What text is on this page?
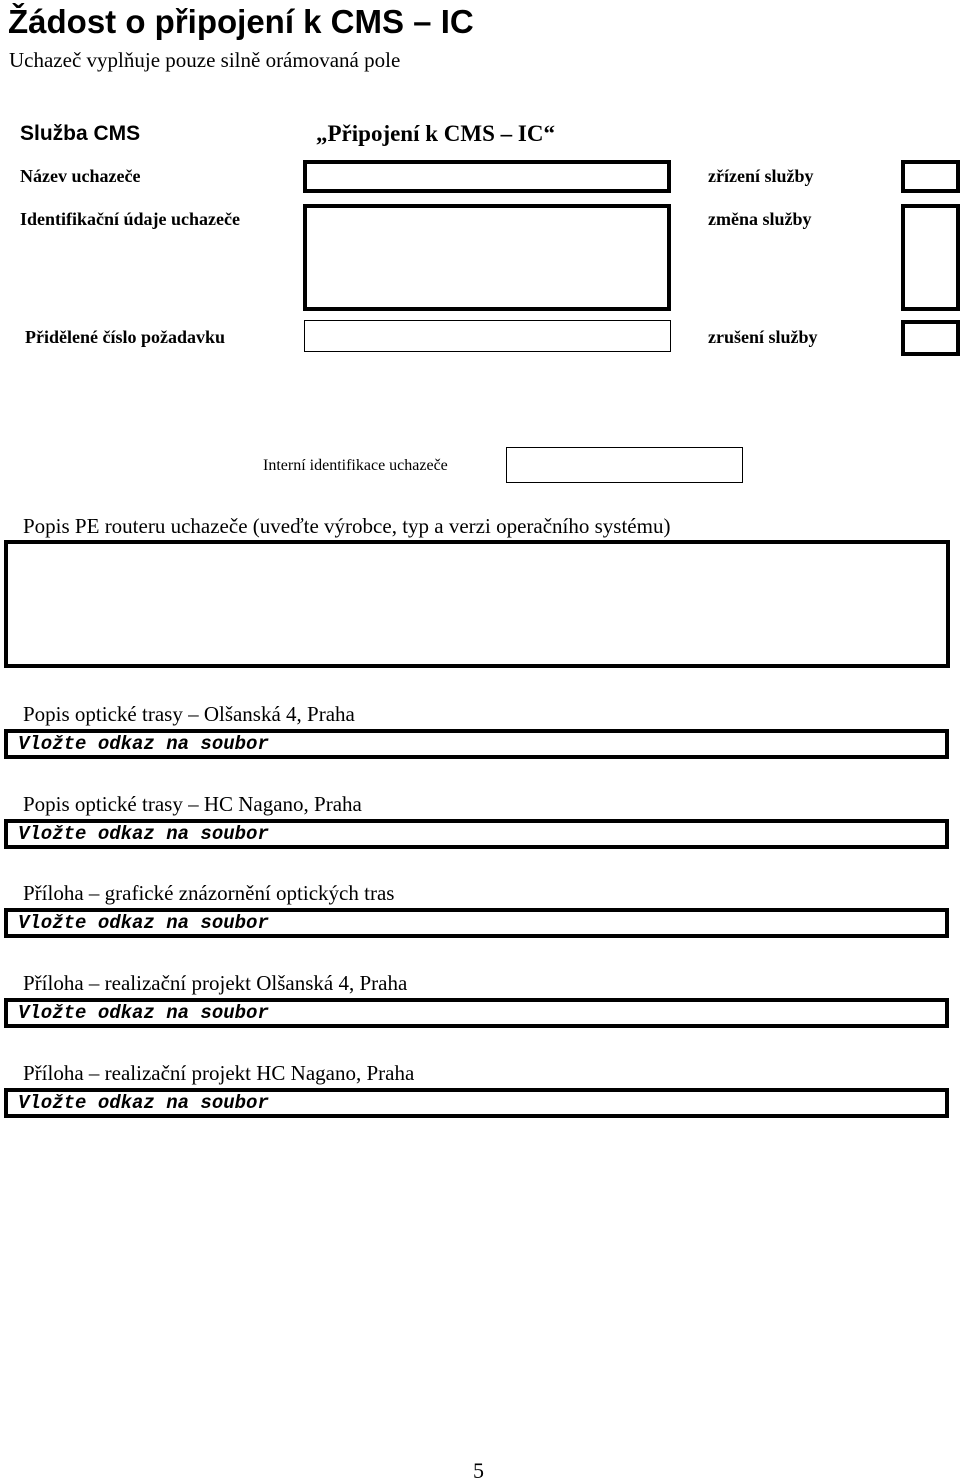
Žádost o připojení k CMS – IC
Uchazeč vyplňuje pouze silně orámovaná pole
Služba CMS	„Připojení k CMS – IC“
Název uchazeče	zřízení služby
Identifikační údaje uchazeče	změna služby
Přidělené číslo požadavku	zrušení služby
Interní identifikace uchazeče
Popis PE routeru uchazeče (uveďte výrobce, typ a verzi operačního systému)
Popis optické trasy – Olšanská 4, Praha
Vložte odkaz na soubor
Popis optické trasy – HC Nagano, Praha
Vložte odkaz na soubor
Příloha – grafické znázornění optických tras
Vložte odkaz na soubor
Příloha – realizační projekt Olšanská 4, Praha
Vložte odkaz na soubor
Příloha – realizační projekt HC Nagano, Praha
Vložte odkaz na soubor
5
